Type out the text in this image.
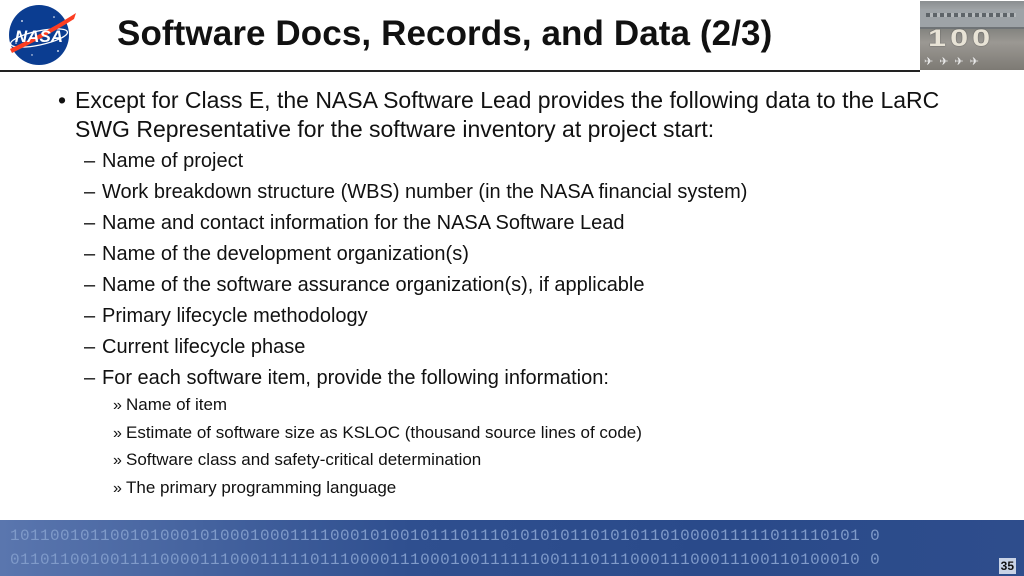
NASA Software Docs, Records, and Data (2/3)	100
✈✈✈✈
• Except for Class E, the NASA Software Lead provides the following data to the LaRC SWG Representative for the software inventory at project start:
– Name of project
– Work breakdown structure (WBS) number (in the NASA financial system)
– Name and contact information for the NASA Software Lead
– Name of the development organization(s)
– Name of the software assurance organization(s), if applicable
– Primary lifecycle methodology
– Current lifecycle phase
– For each software item, provide the following information:
» Name of item
» Estimate of software size as KSLOC (thousand source lines of code)
» Software class and safety-critical determination
» The primary programming language
1011001011001010001010001000111100010100101110111010101011010101101000011111011110101 0
0110110010011110000111000111110111000011100010011111100111011100011100011100110100010 0	35
